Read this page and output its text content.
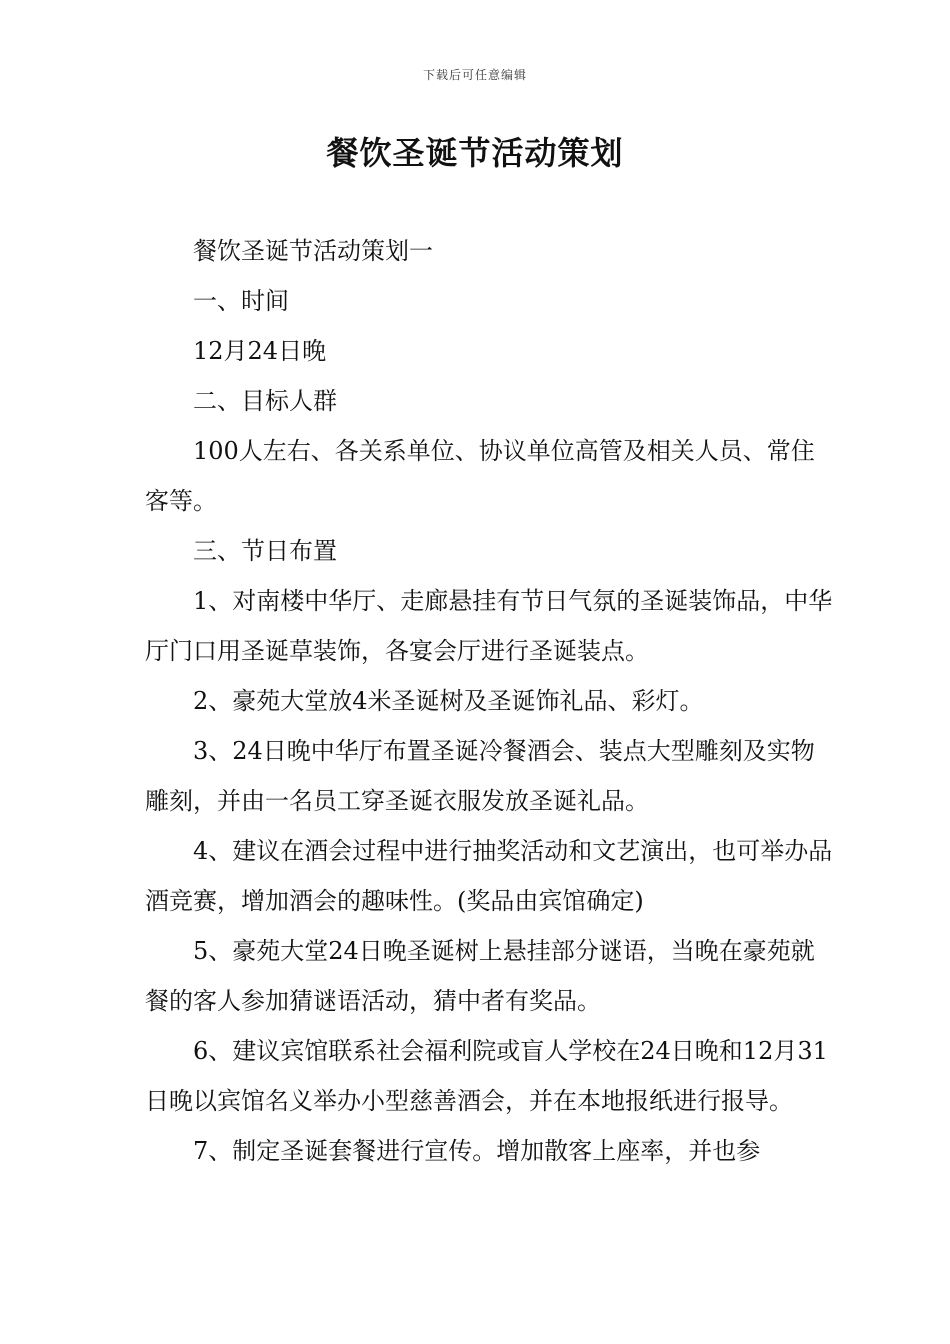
下载后可任意编辑
餐饮圣诞节活动策划

餐饮圣诞节活动策划一

一、时间

12月24日晚

二、目标人群

100人左右、各关系单位、协议单位高管及相关人员、常住客等。

三、节日布置

1、对南楼中华厅、走廊悬挂有节日气氛的圣诞装饰品，中华厅门口用圣诞草装饰，各宴会厅进行圣诞装点。

2、豪苑大堂放4米圣诞树及圣诞饰礼品、彩灯。

3、24日晚中华厅布置圣诞冷餐酒会、装点大型雕刻及实物雕刻，并由一名员工穿圣诞衣服发放圣诞礼品。

4、建议在酒会过程中进行抽奖活动和文艺演出，也可举办品酒竞赛，增加酒会的趣味性。(奖品由宾馆确定)

5、豪苑大堂24日晚圣诞树上悬挂部分谜语，当晚在豪苑就餐的客人参加猜谜语活动，猜中者有奖品。

6、建议宾馆联系社会福利院或盲人学校在24日晚和12月31日晚以宾馆名义举办小型慈善酒会，并在本地报纸进行报导。

7、制定圣诞套餐进行宣传。增加散客上座率，并也参
